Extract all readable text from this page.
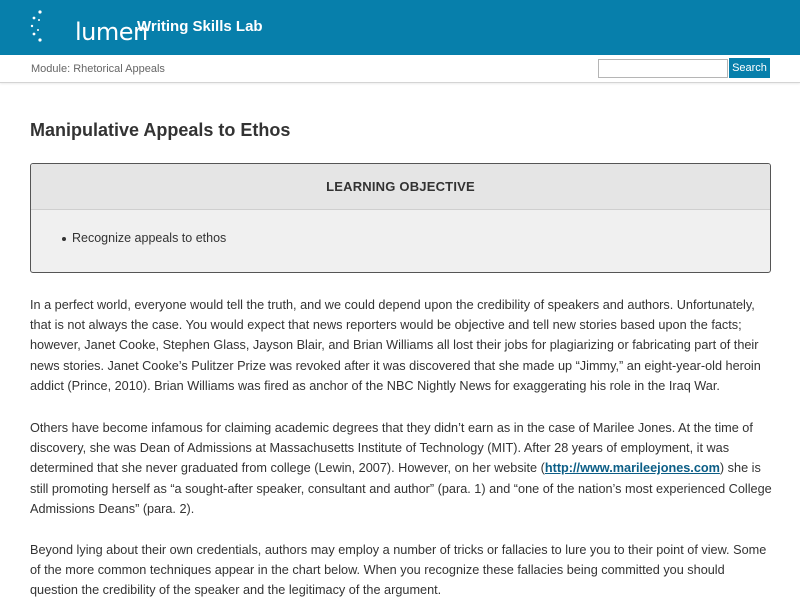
lumen
Writing Skills Lab
Module: Rhetorical Appeals	Search
Manipulative Appeals to Ethos
LEARNING OBJECTIVE
Recognize appeals to ethos

In a perfect world, everyone would tell the truth, and we could depend upon the credibility of speakers and authors. Unfortunately, that is not always the case. You would expect that news reporters would be objective and tell new stories based upon the facts; however, Janet Cooke, Stephen Glass, Jayson Blair, and Brian Williams all lost their jobs for plagiarizing or fabricating part of their news stories. Janet Cooke’s Pulitzer Prize was revoked after it was discovered that she made up “Jimmy,” an eight-year-old heroin addict (Prince, 2010). Brian Williams was fired as anchor of the NBC Nightly News for exaggerating his role in the Iraq War.

Others have become infamous for claiming academic degrees that they didn’t earn as in the case of Marilee Jones. At the time of discovery, she was Dean of Admissions at Massachusetts Institute of Technology (MIT). After 28 years of employment, it was determined that she never graduated from college (Lewin, 2007). However, on her website (http://www.marileejones.com) she is still promoting herself as “a sought-after speaker, consultant and author” (para. 1) and “one of the nation’s most experienced College Admissions Deans” (para. 2).

Beyond lying about their own credentials, authors may employ a number of tricks or fallacies to lure you to their point of view. Some of the more common techniques appear in the chart below. When you recognize these fallacies being committed you should question the credibility of the speaker and the legitimacy of the argument.
